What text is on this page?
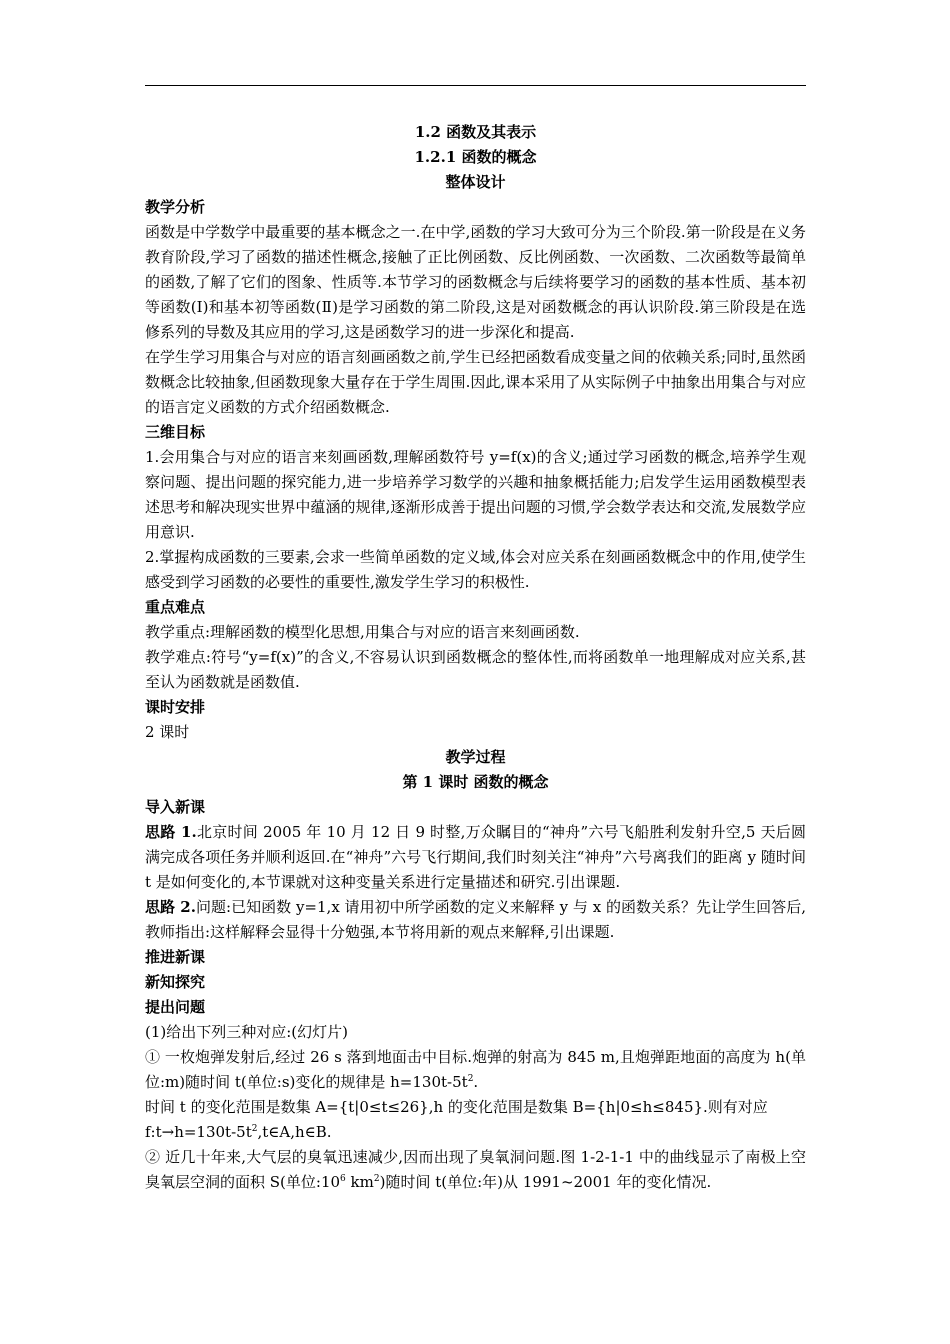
1.2 函数及其表示
1.2.1 函数的概念
整体设计
教学分析

函数是中学数学中最重要的基本概念之一.在中学,函数的学习大致可分为三个阶段.第一阶段是在义务教育阶段,学习了函数的描述性概念,接触了正比例函数、反比例函数、一次函数、二次函数等最简单的函数,了解了它们的图象、性质等.本节学习的函数概念与后续将要学习的函数的基本性质、基本初等函数(I)和基本初等函数(Ⅱ)是学习函数的第二阶段,这是对函数概念的再认识阶段.第三阶段是在选修系列的导数及其应用的学习,这是函数学习的进一步深化和提高.

在学生学习用集合与对应的语言刻画函数之前,学生已经把函数看成变量之间的依赖关系;同时,虽然函数概念比较抽象,但函数现象大量存在于学生周围.因此,课本采用了从实际例子中抽象出用集合与对应的语言定义函数的方式介绍函数概念.

三维目标

1.会用集合与对应的语言来刻画函数,理解函数符号 y=f(x)的含义;通过学习函数的概念,培养学生观察问题、提出问题的探究能力,进一步培养学习数学的兴趣和抽象概括能力;启发学生运用函数模型表述思考和解决现实世界中蕴涵的规律,逐渐形成善于提出问题的习惯,学会数学表达和交流,发展数学应用意识.

2.掌握构成函数的三要素,会求一些简单函数的定义域,体会对应关系在刻画函数概念中的作用,使学生感受到学习函数的必要性的重要性,激发学生学习的积极性.

重点难点

教学重点:理解函数的模型化思想,用集合与对应的语言来刻画函数.

教学难点:符号“y=f(x)”的含义,不容易认识到函数概念的整体性,而将函数单一地理解成对应关系,甚至认为函数就是函数值.

课时安排

2 课时

教学过程
第 1 课时 函数的概念
导入新课

思路 1.北京时间 2005 年 10 月 12 日 9 时整,万众瞩目的“神舟”六号飞船胜利发射升空,5 天后圆满完成各项任务并顺利返回.在“神舟”六号飞行期间,我们时刻关注“神舟”六号离我们的距离 y 随时间 t 是如何变化的,本节课就对这种变量关系进行定量描述和研究.引出课题.

思路 2.问题:已知函数 y=1,x 请用初中所学函数的定义来解释 y 与 x 的函数关系？先让学生回答后,教师指出:这样解释会显得十分勉强,本节将用新的观点来解释,引出课题.

推进新课
新知探究
提出问题

(1)给出下列三种对应:(幻灯片)

① 一枚炮弹发射后,经过 26 s 落到地面击中目标.炮弹的射高为 845 m,且炮弹距地面的高度为 h(单位:m)随时间 t(单位:s)变化的规律是 $h=130t-5t^2$.

时间 t 的变化范围是数集 A={t|0≤t≤26},h 的变化范围是数集 B={h|0≤h≤845}.则有对应

$f:t\to h=130t-5t^2,t\in A,h\in B$.

② 近几十年来,大气层的臭氧迅速减少,因而出现了臭氧洞问题.图 1-2-1-1 中的曲线显示了南极上空臭氧层空洞的面积 S(单位$:10^6$ $km^2$)随时间 t(单位:年)从 1991~2001 年的变化情况.
